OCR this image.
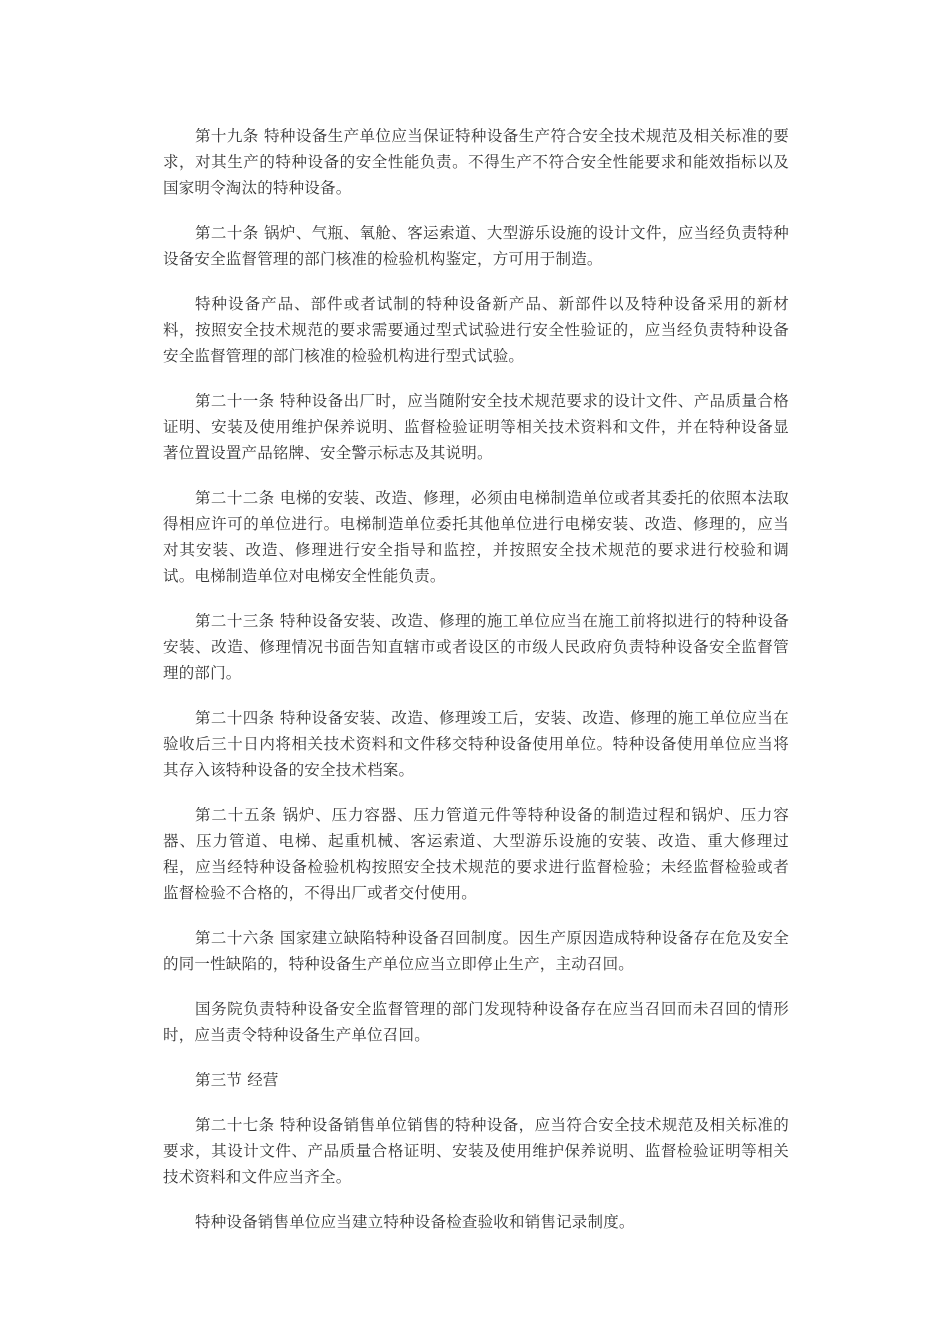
第十九条 特种设备生产单位应当保证特种设备生产符合安全技术规范及相关标准的要求，对其生产的特种设备的安全性能负责。不得生产不符合安全性能要求和能效指标以及国家明令淘汰的特种设备。

第二十条 锅炉、气瓶、氧舱、客运索道、大型游乐设施的设计文件，应当经负责特种设备安全监督管理的部门核准的检验机构鉴定，方可用于制造。

特种设备产品、部件或者试制的特种设备新产品、新部件以及特种设备采用的新材料，按照安全技术规范的要求需要通过型式试验进行安全性验证的，应当经负责特种设备安全监督管理的部门核准的检验机构进行型式试验。

第二十一条 特种设备出厂时，应当随附安全技术规范要求的设计文件、产品质量合格证明、安装及使用维护保养说明、监督检验证明等相关技术资料和文件，并在特种设备显著位置设置产品铭牌、安全警示标志及其说明。

第二十二条 电梯的安装、改造、修理，必须由电梯制造单位或者其委托的依照本法取得相应许可的单位进行。电梯制造单位委托其他单位进行电梯安装、改造、修理的，应当对其安装、改造、修理进行安全指导和监控，并按照安全技术规范的要求进行校验和调试。电梯制造单位对电梯安全性能负责。

第二十三条 特种设备安装、改造、修理的施工单位应当在施工前将拟进行的特种设备安装、改造、修理情况书面告知直辖市或者设区的市级人民政府负责特种设备安全监督管理的部门。

第二十四条 特种设备安装、改造、修理竣工后，安装、改造、修理的施工单位应当在验收后三十日内将相关技术资料和文件移交特种设备使用单位。特种设备使用单位应当将其存入该特种设备的安全技术档案。

第二十五条 锅炉、压力容器、压力管道元件等特种设备的制造过程和锅炉、压力容器、压力管道、电梯、起重机械、客运索道、大型游乐设施的安装、改造、重大修理过程，应当经特种设备检验机构按照安全技术规范的要求进行监督检验；未经监督检验或者监督检验不合格的，不得出厂或者交付使用。

第二十六条 国家建立缺陷特种设备召回制度。因生产原因造成特种设备存在危及安全的同一性缺陷的，特种设备生产单位应当立即停止生产，主动召回。

国务院负责特种设备安全监督管理的部门发现特种设备存在应当召回而未召回的情形时，应当责令特种设备生产单位召回。

第三节 经营

第二十七条 特种设备销售单位销售的特种设备，应当符合安全技术规范及相关标准的要求，其设计文件、产品质量合格证明、安装及使用维护保养说明、监督检验证明等相关技术资料和文件应当齐全。

特种设备销售单位应当建立特种设备检查验收和销售记录制度。
